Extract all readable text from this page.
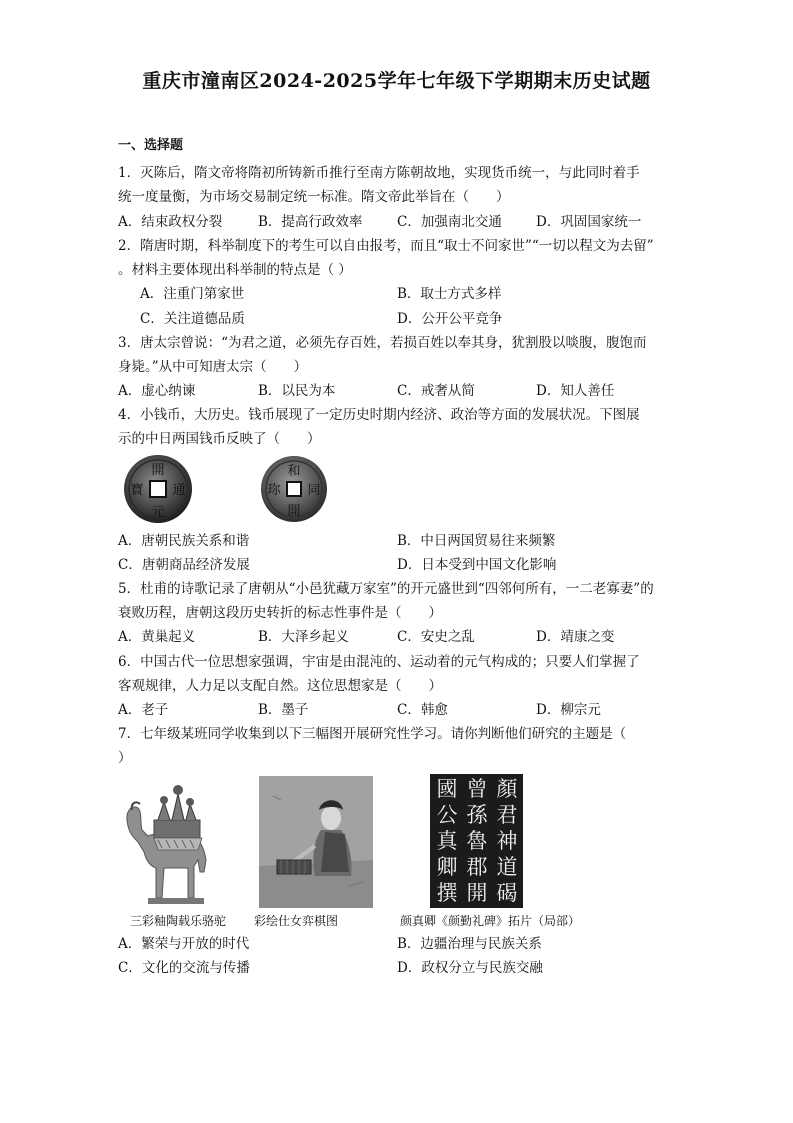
重庆市潼南区2024-2025学年七年级下学期期末历史试题
一、选择题
1．灭陈后，隋文帝将隋初所铸新币推行至南方陈朝故地，实现货币统一，与此同时着手
统一度量衡，为市场交易制定统一标准。隋文帝此举旨在（　　）
A．结束政权分裂	B．提高行政效率	C．加强南北交通	D．巩固国家统一
2．隋唐时期，科举制度下的考生可以自由报考，而且“取士不问家世”“一切以程文为去留”
。材料主要体现出科举制的特点是（ ）
A．注重门第家世	B．取士方式多样
C．关注道德品质	D．公开公平竞争
3．唐太宗曾说：“为君之道，必须先存百姓，若损百姓以奉其身，犹割股以啖腹，腹饱而
身毙。”从中可知唐太宗（　　）
A．虚心纳谏	B．以民为本	C．戒奢从简	D．知人善任
4．小钱币，大历史。钱币展现了一定历史时期内经济、政治等方面的发展状况。下图展
示的中日两国钱币反映了（　　）
開
元
通
寶
和
開
同
珎
A．唐朝民族关系和谐	B．中日两国贸易往来频繁
C．唐朝商品经济发展	D．日本受到中国文化影响
5．杜甫的诗歌记录了唐朝从“小邑犹藏万家室”的开元盛世到“四邻何所有，一二老寡妻”的
衰败历程，唐朝这段历史转折的标志性事件是（　　）
A．黄巢起义	B．大泽乡起义	C．安史之乱	D．靖康之变
6．中国古代一位思想家强调，宇宙是由混沌的、运动着的元气构成的；只要人们掌握了
客观规律，人力足以支配自然。这位思想家是（　　）
A．老子	B．墨子	C．韩愈	D．柳宗元
7．七年级某班同学收集到以下三幅图开展研究性学习。请你判断他们研究的主题是（
）
三彩釉陶载乐骆驼 彩绘仕女弈棋图
顏
君
神
道
碣
曾
孫
魯
郡
開
國
公
真
卿
撰
颜真卿《颜勤礼碑》拓片（局部）
A．繁荣与开放的时代	B．边疆治理与民族关系
C．文化的交流与传播	D．政权分立与民族交融
